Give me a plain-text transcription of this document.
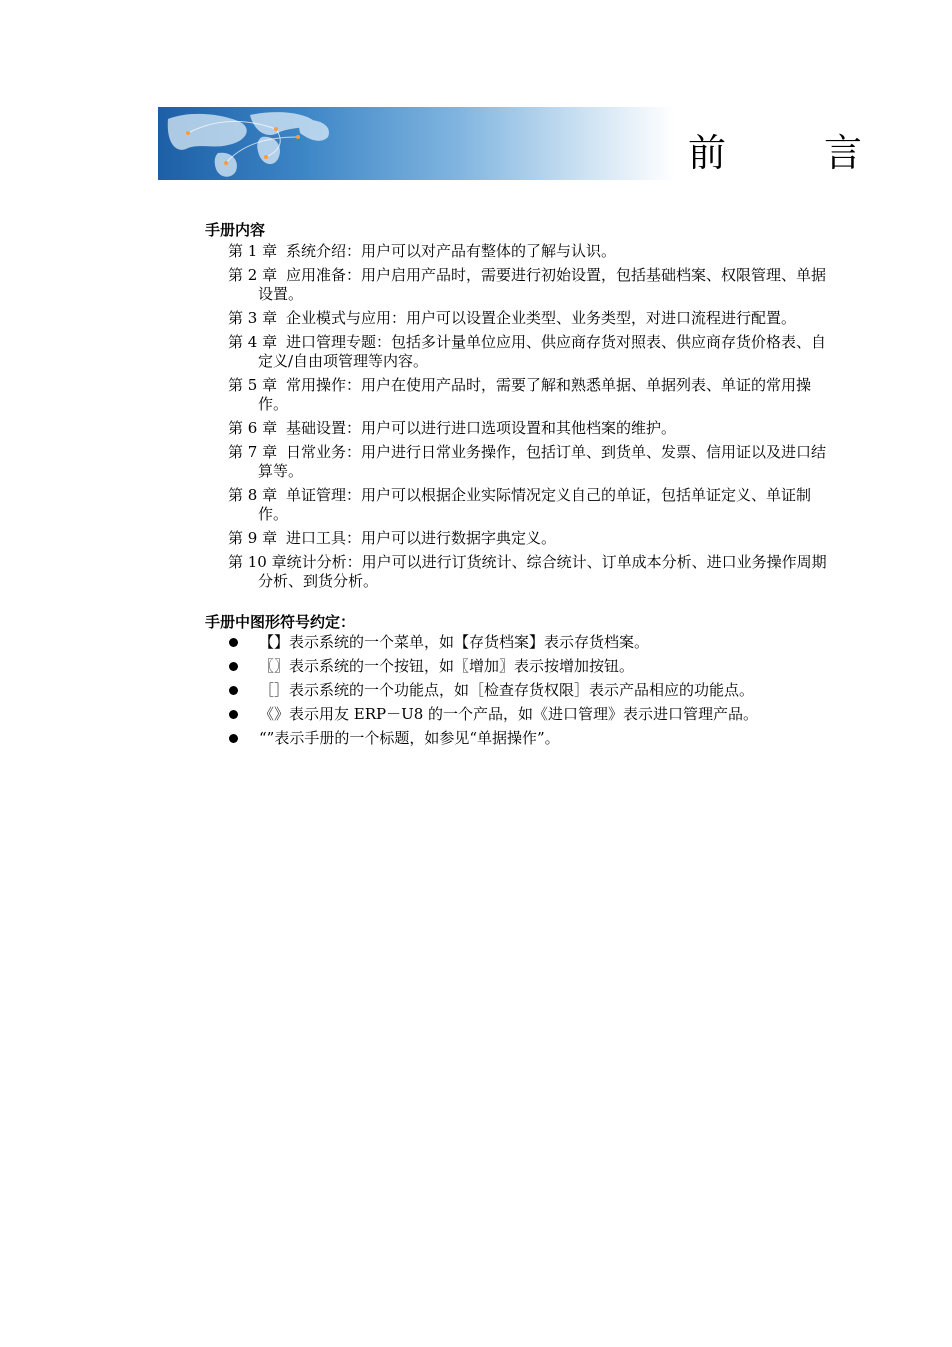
前　言
手册内容
第 1 章 系统介绍：用户可以对产品有整体的了解与认识。
第 2 章 应用准备：用户启用产品时，需要进行初始设置，包括基础档案、权限管理、单据设置。
第 3 章 企业模式与应用：用户可以设置企业类型、业务类型，对进口流程进行配置。
第 4 章 进口管理专题：包括多计量单位应用、供应商存货对照表、供应商存货价格表、自定义/自由项管理等内容。
第 5 章 常用操作：用户在使用产品时，需要了解和熟悉单据、单据列表、单证的常用操作。
第 6 章 基础设置：用户可以进行进口选项设置和其他档案的维护。
第 7 章 日常业务：用户进行日常业务操作，包括订单、到货单、发票、信用证以及进口结算等。
第 8 章 单证管理：用户可以根据企业实际情况定义自己的单证，包括单证定义、单证制作。
第 9 章 进口工具：用户可以进行数据字典定义。
第 10 章统计分析：用户可以进行订货统计、综合统计、订单成本分析、进口业务操作周期分析、到货分析。
手册中图形符号约定：
【】表示系统的一个菜单，如【存货档案】表示存货档案。
〖〗表示系统的一个按钮，如〖增加〗表示按增加按钮。
［］表示系统的一个功能点，如［检查存货权限］表示产品相应的功能点。
《》表示用友 ERP－U8 的一个产品，如《进口管理》表示进口管理产品。
“”表示手册的一个标题，如参见“单据操作”。
